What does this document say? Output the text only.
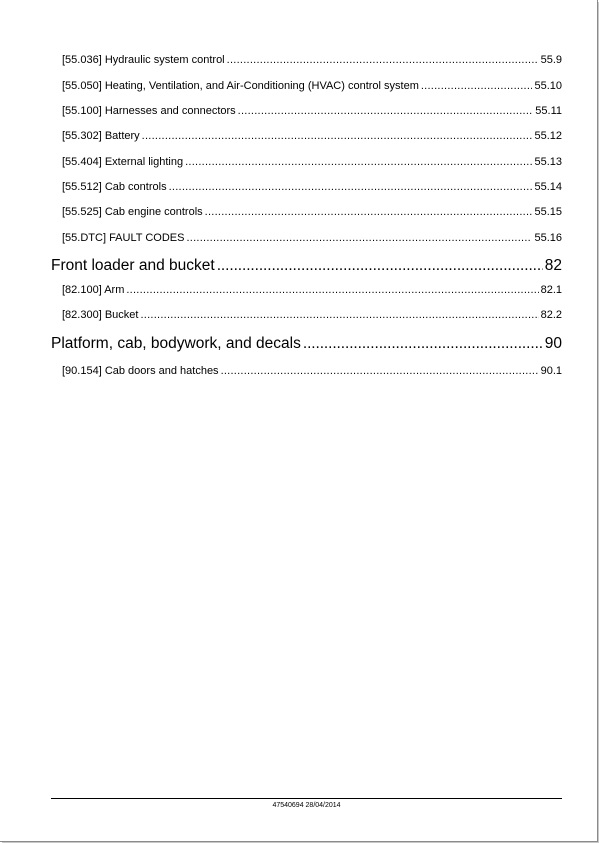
[55.036] Hydraulic system control . . .	55.9
[55.050] Heating, Ventilation, and Air-Conditioning (HVAC) control system . . .	55.10
[55.100] Harnesses and connectors . . .	55.11
[55.302] Battery . . .	55.12
[55.404] External lighting . . .	55.13
[55.512] Cab controls . . .	55.14
[55.525] Cab engine controls . . .	55.15
[55.DTC] FAULT CODES . . .	55.16
Front loader and bucket . . .	82
[82.100] Arm . . .	82.1
[82.300] Bucket . . .	82.2
Platform, cab, bodywork, and decals . . .	90
[90.154] Cab doors and hatches . . .	90.1
47540694 28/04/2014
